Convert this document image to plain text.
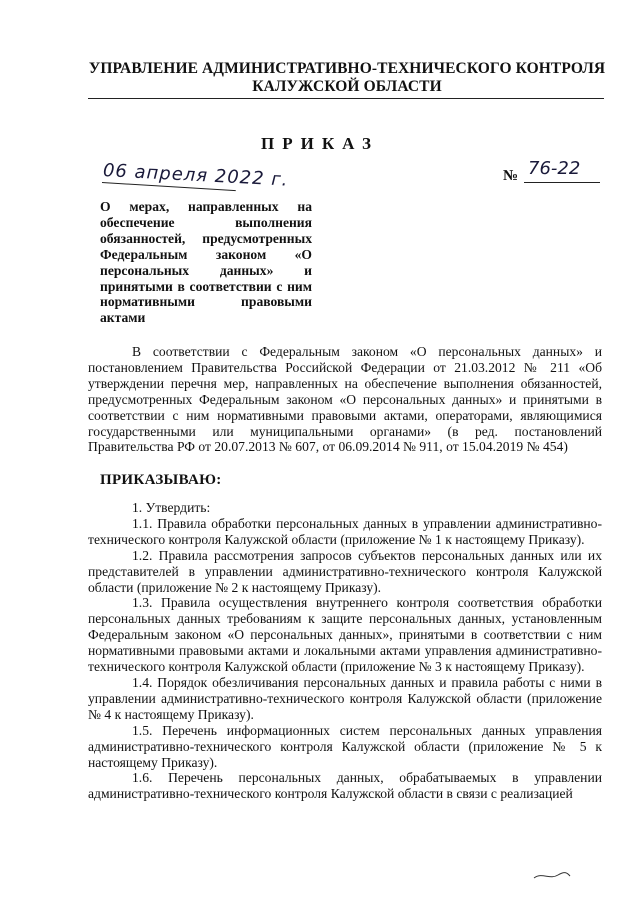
УПРАВЛЕНИЕ АДМИНИСТРАТИВНО-ТЕХНИЧЕСКОГО КОНТРОЛЯ
КАЛУЖСКОЙ ОБЛАСТИ
ПРИКАЗ
06 апреля 2022 г.	№ 76-22
О мерах, направленных на обеспечение выполнения обязанностей, предусмотренных Федеральным законом «О персональных данных» и принятыми в соответствии с ним нормативными правовыми актами
В соответствии с Федеральным законом «О персональных данных» и постановлением Правительства Российской Федерации от 21.03.2012 № 211 «Об утверждении перечня мер, направленных на обеспечение выполнения обязанностей, предусмотренных Федеральным законом «О персональных данных» и принятыми в соответствии с ним нормативными правовыми актами, операторами, являющимися государственными или муниципальными органами» (в ред. постановлений Правительства РФ от 20.07.2013 № 607, от 06.09.2014 № 911, от 15.04.2019 № 454)
ПРИКАЗЫВАЮ:

1. Утвердить:

1.1. Правила обработки персональных данных в управлении административно-технического контроля Калужской области (приложение № 1 к настоящему Приказу).

1.2. Правила рассмотрения запросов субъектов персональных данных или их представителей в управлении административно-технического контроля Калужской области (приложение № 2 к настоящему Приказу).

1.3. Правила осуществления внутреннего контроля соответствия обработки персональных данных требованиям к защите персональных данных, установленным Федеральным законом «О персональных данных», принятыми в соответствии с ним нормативными правовыми актами и локальными актами управления административно-технического контроля Калужской области (приложение № 3 к настоящему Приказу).

1.4. Порядок обезличивания персональных данных и правила работы с ними в управлении административно-технического контроля Калужской области (приложение № 4 к настоящему Приказу).

1.5. Перечень информационных систем персональных данных управления административно-технического контроля Калужской области (приложение № 5 к настоящему Приказу).

1.6. Перечень персональных данных, обрабатываемых в управлении административно-технического контроля Калужской области в связи с реализацией
